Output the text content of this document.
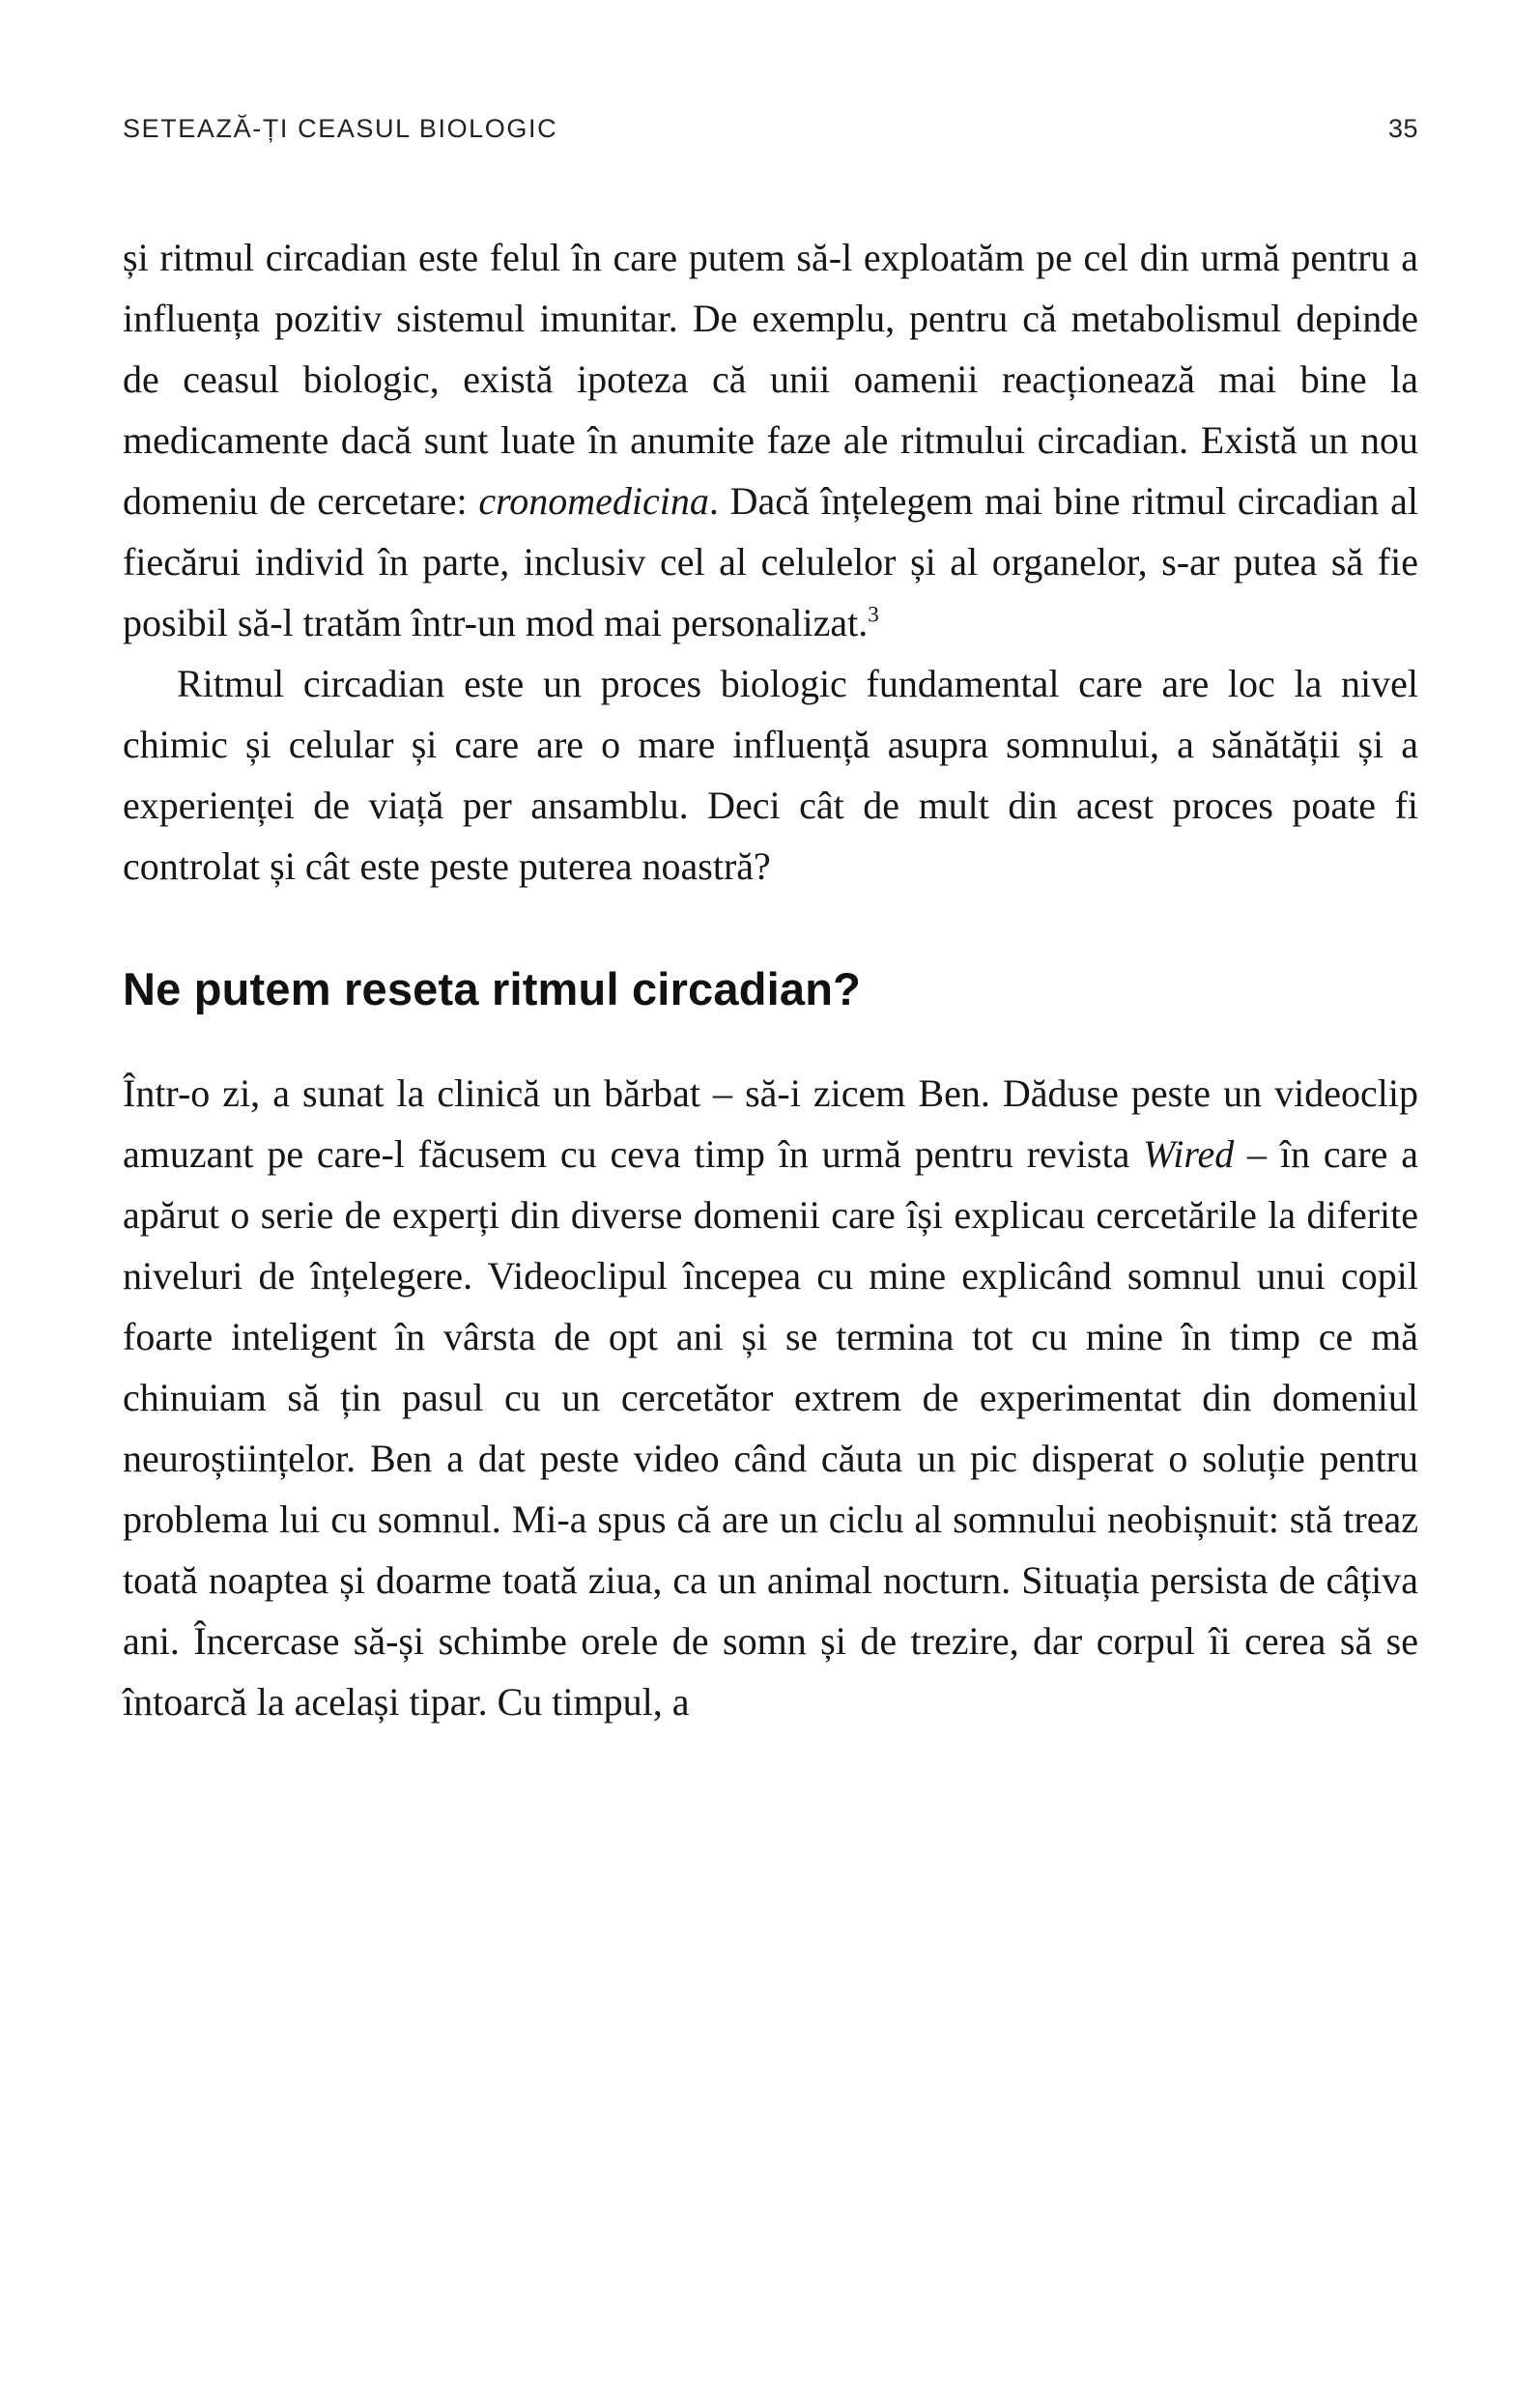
SETEAZĂ-ȚI CEASUL BIOLOGIC	35

și ritmul circadian este felul în care putem să-l exploatăm pe cel din urmă pentru a influența pozitiv sistemul imunitar. De exemplu, pentru că metabolismul depinde de ceasul biologic, există ipoteza că unii oamenii reacționează mai bine la medicamente dacă sunt luate în anumite faze ale ritmului circadian. Există un nou domeniu de cercetare: cronomedicina. Dacă înțelegem mai bine ritmul circadian al fiecărui individ în parte, inclusiv cel al celulelor și al organelor, s-ar putea să fie posibil să-l tratăm într-un mod mai personalizat.$^3$

Ritmul circadian este un proces biologic fundamental care are loc la nivel chimic și celular și care are o mare influență asupra somnului, a sănătății și a experienței de viață per ansamblu. Deci cât de mult din acest proces poate fi controlat și cât este peste puterea noastră?

Ne putem reseta ritmul circadian?

Într-o zi, a sunat la clinică un bărbat – să-i zicem Ben. Dăduse peste un videoclip amuzant pe care-l făcusem cu ceva timp în urmă pentru revista Wired – în care a apărut o serie de experți din diverse domenii care își explicau cercetările la diferite niveluri de înțelegere. Videoclipul începea cu mine explicând somnul unui copil foarte inteligent în vârsta de opt ani și se termina tot cu mine în timp ce mă chinuiam să țin pasul cu un cercetător extrem de experimentat din domeniul neuroștiințelor. Ben a dat peste video când căuta un pic disperat o soluție pentru problema lui cu somnul. Mi-a spus că are un ciclu al somnului neobișnuit: stă treaz toată noaptea și doarme toată ziua, ca un animal nocturn. Situația persista de câțiva ani. Încercase să-și schimbe orele de somn și de trezire, dar corpul îi cerea să se întoarcă la același tipar. Cu timpul, a
